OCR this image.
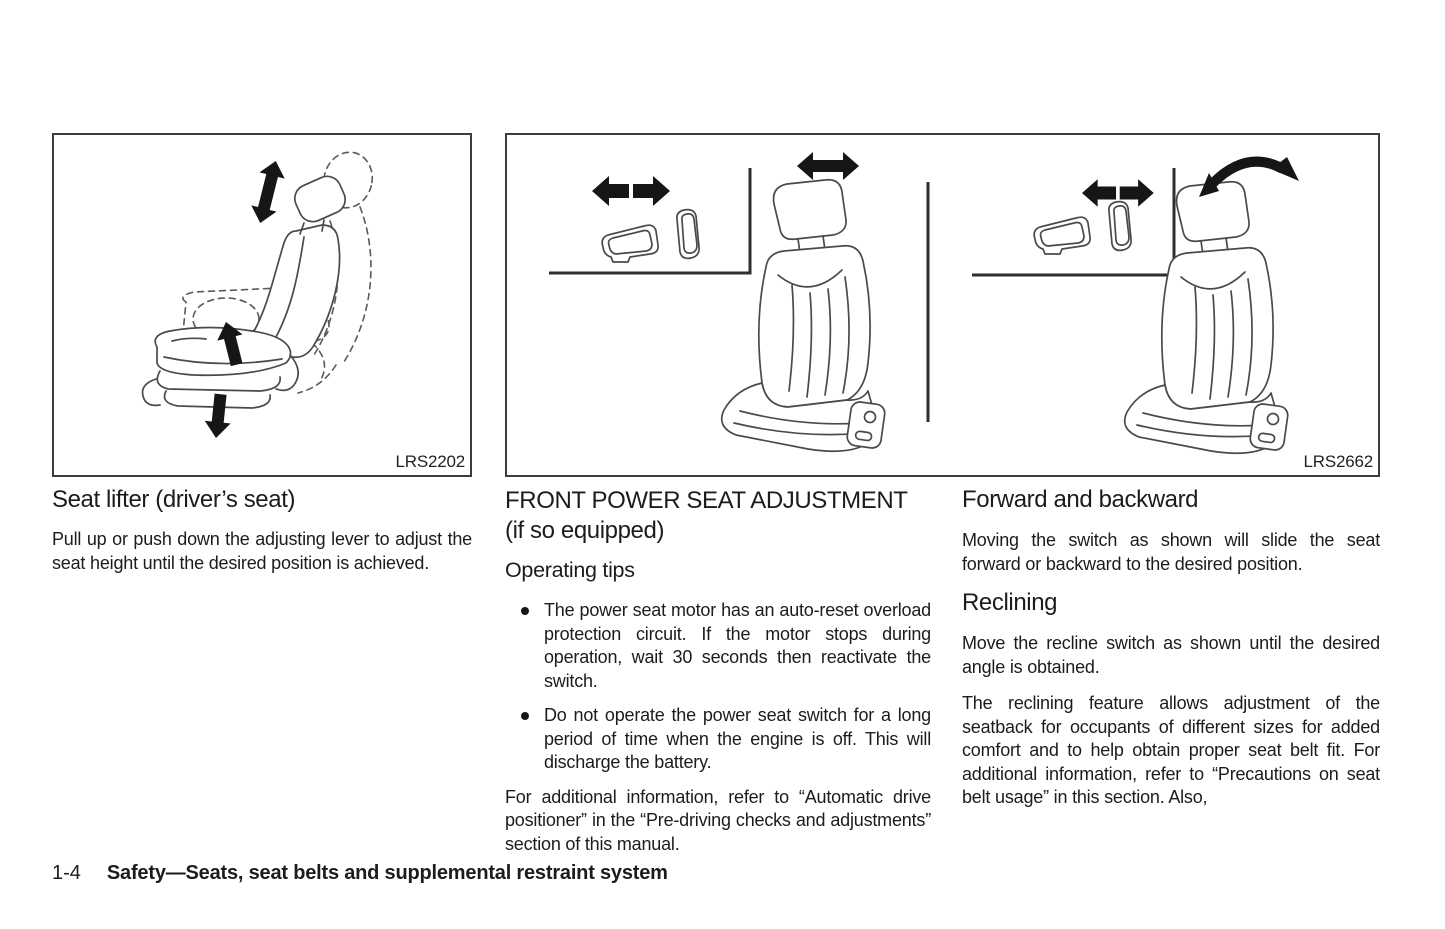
LRS2202	LRS2662
Seat lifter (driver’s seat)

Pull up or push down the adjusting lever to adjust the seat height until the desired position is achieved.

FRONT POWER SEAT ADJUSTMENT
(if so equipped)
Operating tips
The power seat motor has an auto-reset overload protection circuit. If the motor stops during operation, wait 30 seconds then reactivate the switch.
Do not operate the power seat switch for a long period of time when the engine is off. This will discharge the battery.

For additional information, refer to “Automatic drive positioner” in the “Pre-driving checks and adjustments” section of this manual.

Forward and backward

Moving the switch as shown will slide the seat forward or backward to the desired position.

Reclining

Move the recline switch as shown until the desired angle is obtained.

The reclining feature allows adjustment of the seatback for occupants of different sizes for added comfort and to help obtain proper seat belt fit. For additional information, refer to “Precautions on seat belt usage” in this section. Also,

1-4 Safety—Seats, seat belts and supplemental restraint system
